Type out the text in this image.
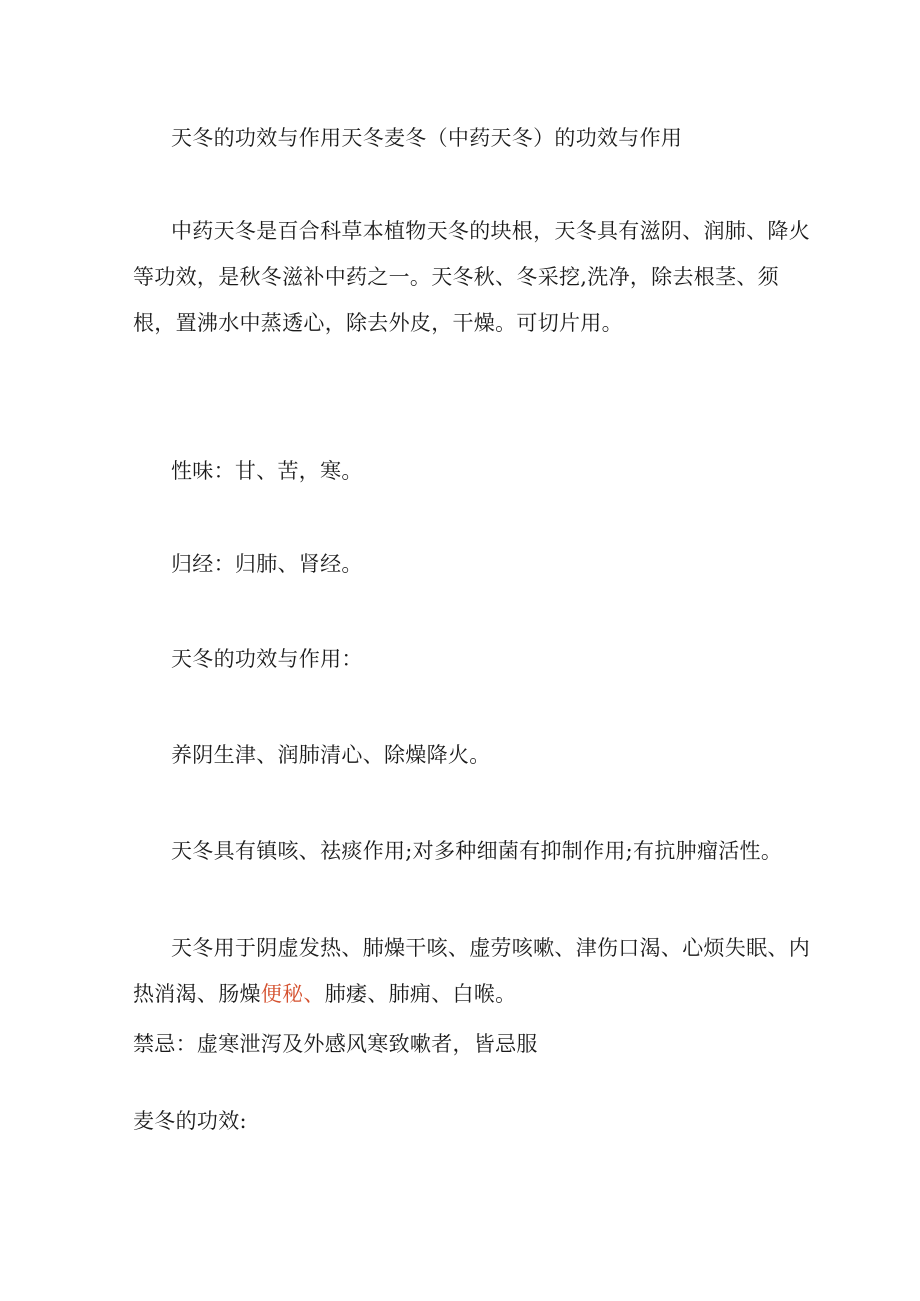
天冬的功效与作用天冬麦冬（中药天冬）的功效与作用

中药天冬是百合科草本植物天冬的块根，天冬具有滋阴、润肺、降火等功效，是秋冬滋补中药之一。天冬秋、冬采挖,洗净，除去根茎、须根，置沸水中蒸透心，除去外皮，干燥。可切片用。

性味：甘、苦，寒。

归经：归肺、肾经。

天冬的功效与作用：

养阴生津、润肺清心、除燥降火。

天冬具有镇咳、祛痰作用;对多种细菌有抑制作用;有抗肿瘤活性。

天冬用于阴虚发热、肺燥干咳、虚劳咳嗽、津伤口渴、心烦失眠、内热消渴、肠燥便秘、肺痿、肺痈、白喉。

禁忌：虚寒泄泻及外感风寒致嗽者，皆忌服

麦冬的功效:
